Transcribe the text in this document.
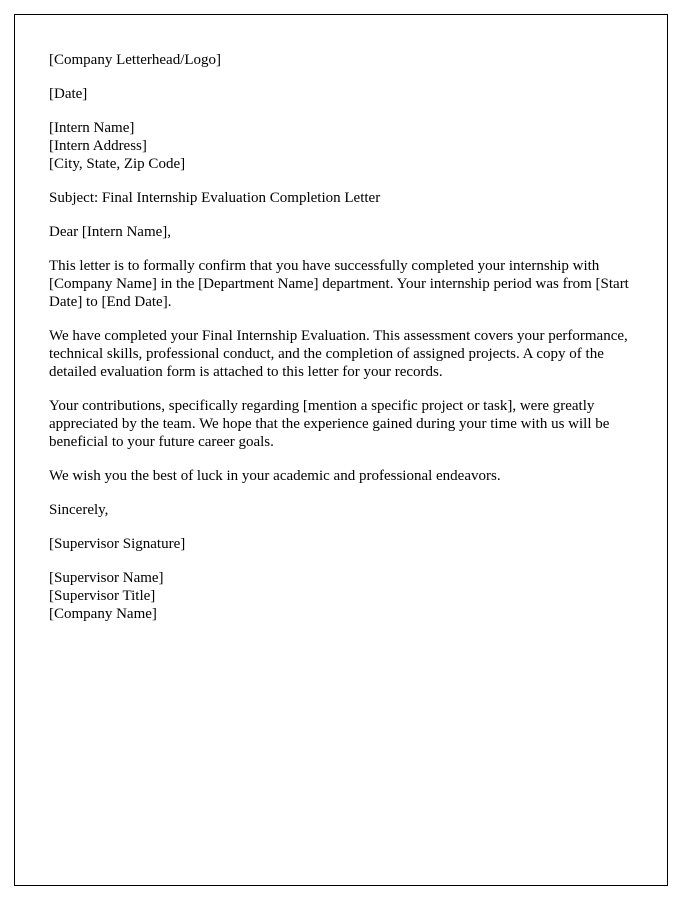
[Company Letterhead/Logo]

[Date]

[Intern Name]

[Intern Address]

[City, State, Zip Code]

Subject: Final Internship Evaluation Completion Letter

Dear [Intern Name],

This letter is to formally confirm that you have successfully completed your internship with [Company Name] in the [Department Name] department. Your internship period was from [Start Date] to [End Date].

We have completed your Final Internship Evaluation. This assessment covers your performance, technical skills, professional conduct, and the completion of assigned projects. A copy of the detailed evaluation form is attached to this letter for your records.

Your contributions, specifically regarding [mention a specific project or task], were greatly appreciated by the team. We hope that the experience gained during your time with us will be beneficial to your future career goals.

We wish you the best of luck in your academic and professional endeavors.

Sincerely,

[Supervisor Signature]

[Supervisor Name]

[Supervisor Title]

[Company Name]
